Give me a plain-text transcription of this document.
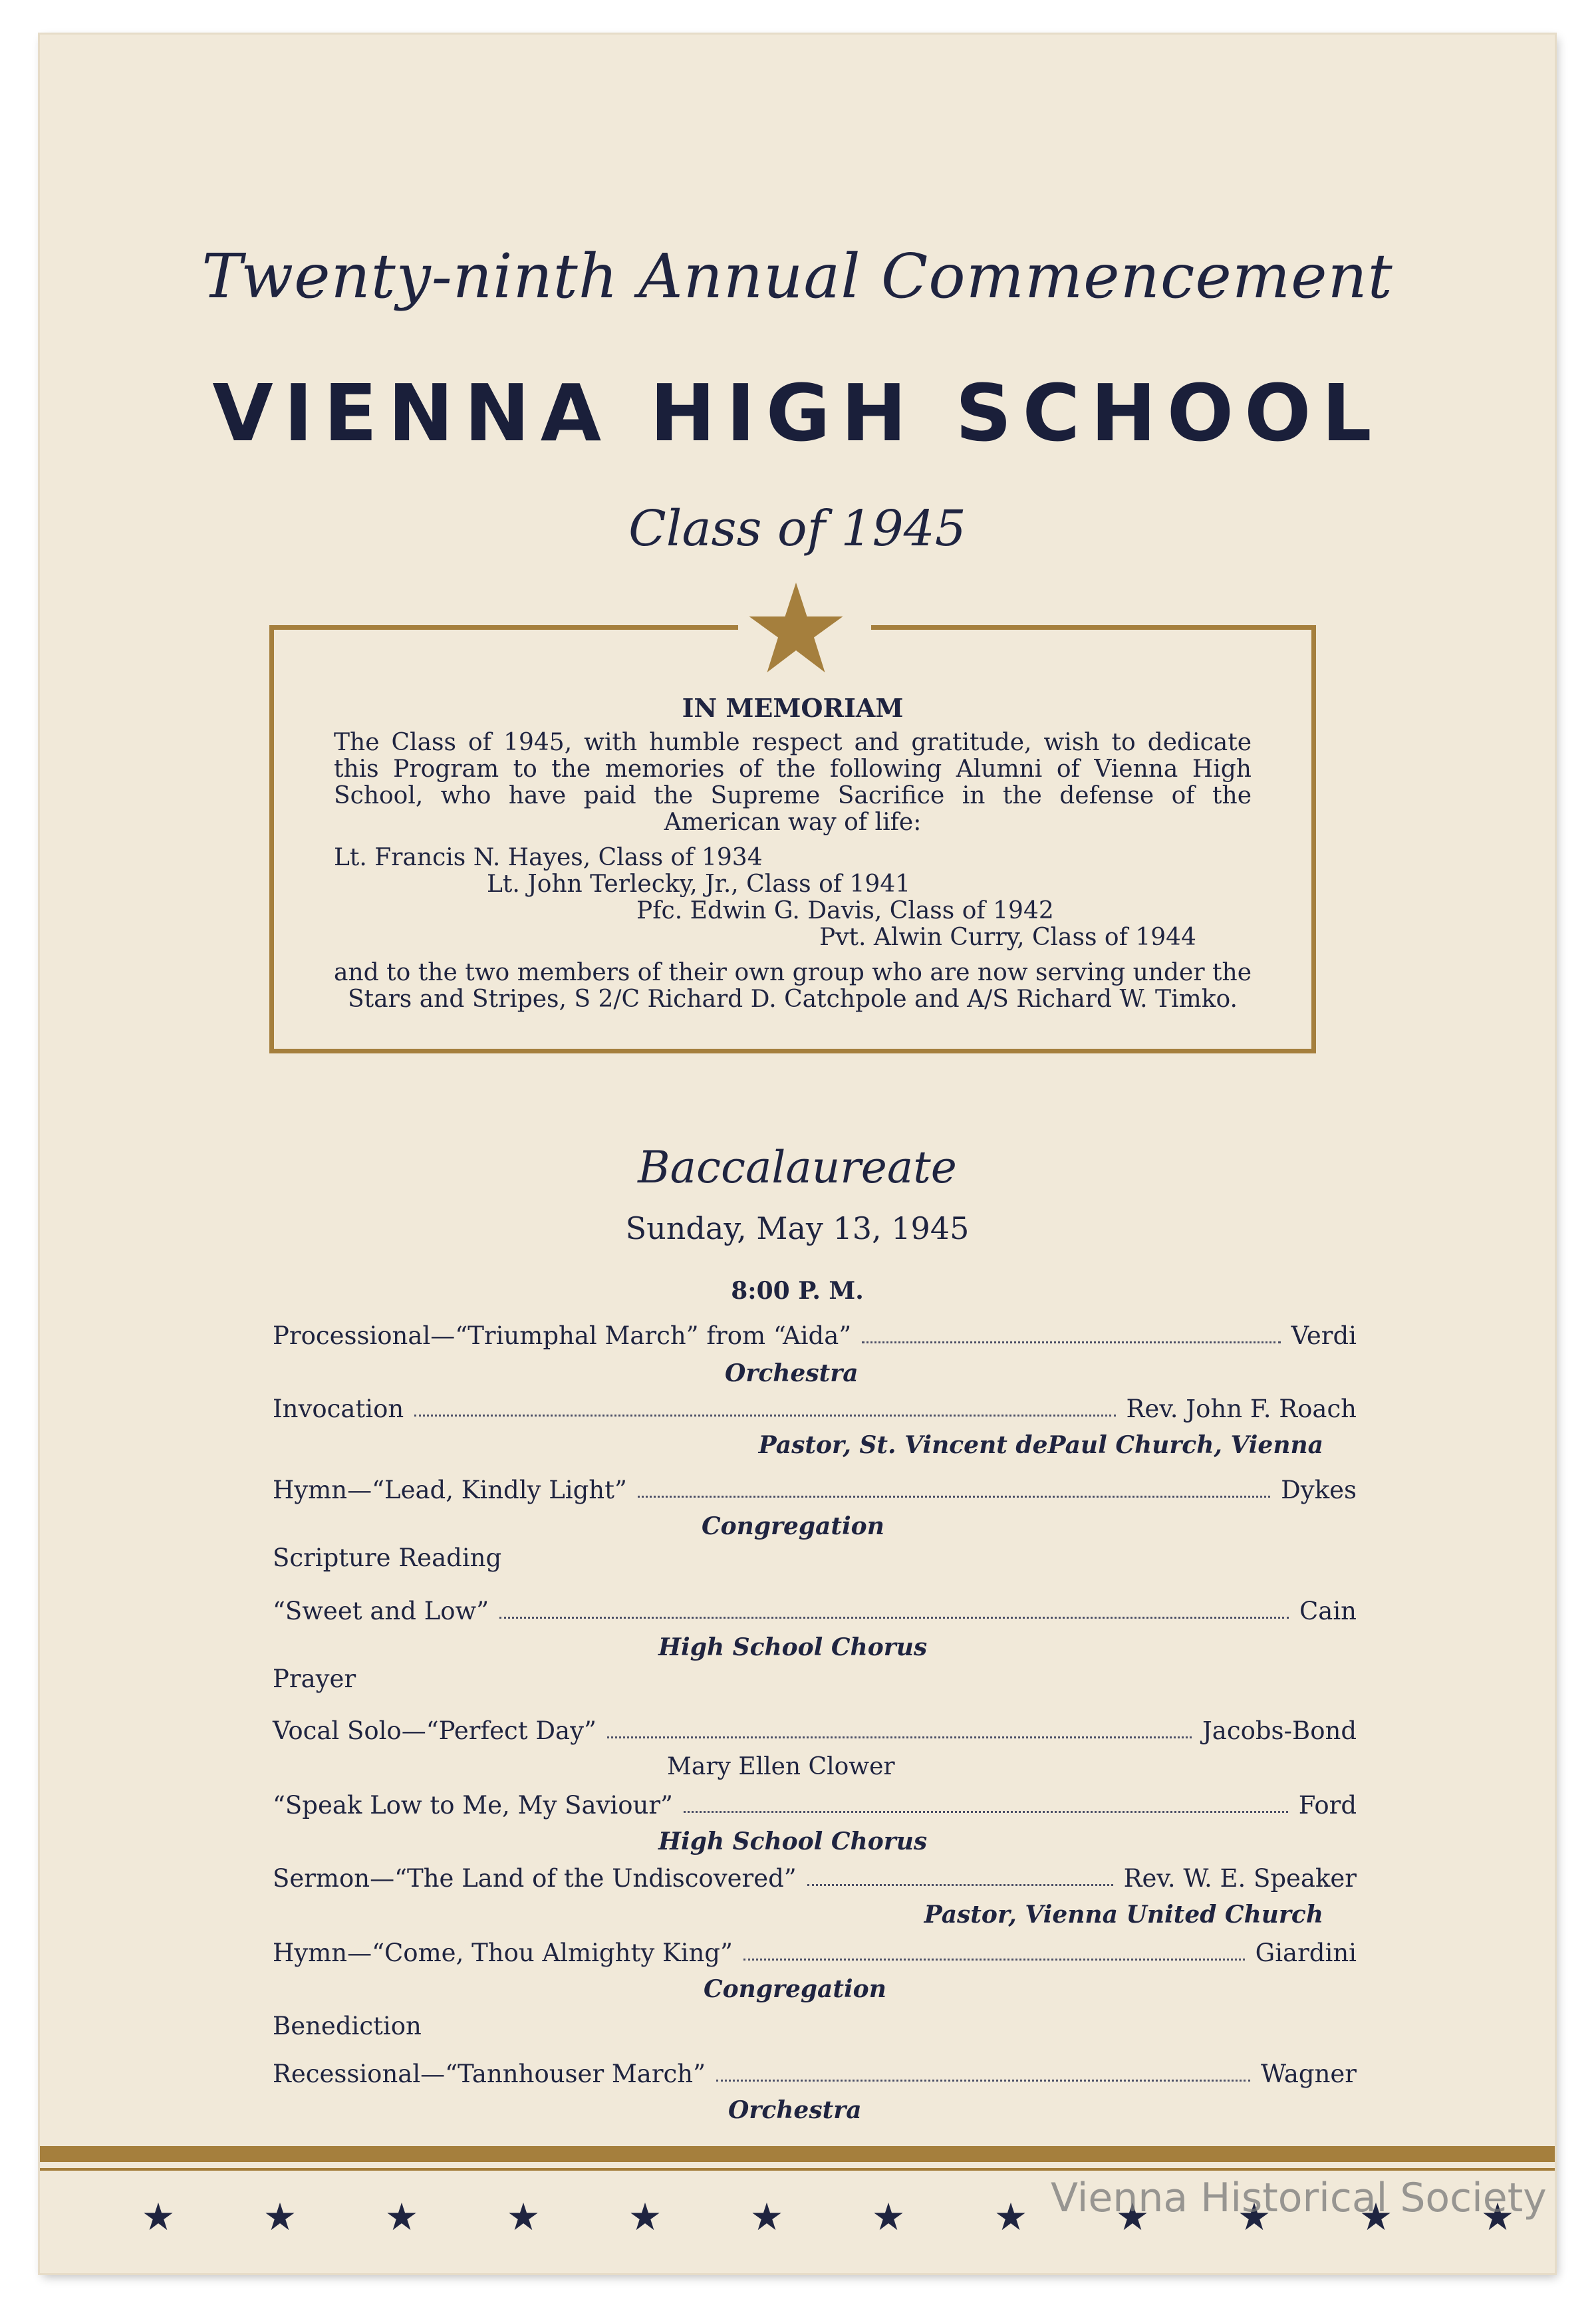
Twenty-ninth Annual Commencement
VIENNA HIGH SCHOOL
Class of 1945
IN MEMORIAM
The Class of 1945, with humble respect and gratitude, wish to dedicate this Program to the memories of the following Alumni of Vienna High School, who have paid the Supreme Sacrifice in the defense of the American way of life:
Lt. Francis N. Hayes, Class of 1934
Lt. John Terlecky, Jr., Class of 1941
Pfc. Edwin G. Davis, Class of 1942
Pvt. Alwin Curry, Class of 1944
and to the two members of their own group who are now serving under the Stars and Stripes, S 2/C Richard D. Catchpole and A/S Richard W. Timko.
Baccalaureate
Sunday, May 13, 1945
8:00 P. M.
Processional—“Triumphal March” from “Aida”	Verdi
Orchestra
Invocation	Rev. John F. Roach
Pastor, St. Vincent dePaul Church, Vienna
Hymn—“Lead, Kindly Light”	Dykes
Congregation
Scripture Reading
“Sweet and Low”	Cain
High School Chorus
Prayer
Vocal Solo—“Perfect Day”	Jacobs-Bond
Mary Ellen Clower
“Speak Low to Me, My Saviour”	Ford
High School Chorus
Sermon—“The Land of the Undiscovered”	Rev. W. E. Speaker
Pastor, Vienna United Church
Hymn—“Come, Thou Almighty King”	Giardini
Congregation
Benediction
Recessional—“Tannhouser March”	Wagner
Orchestra
Vienna Historical Society
